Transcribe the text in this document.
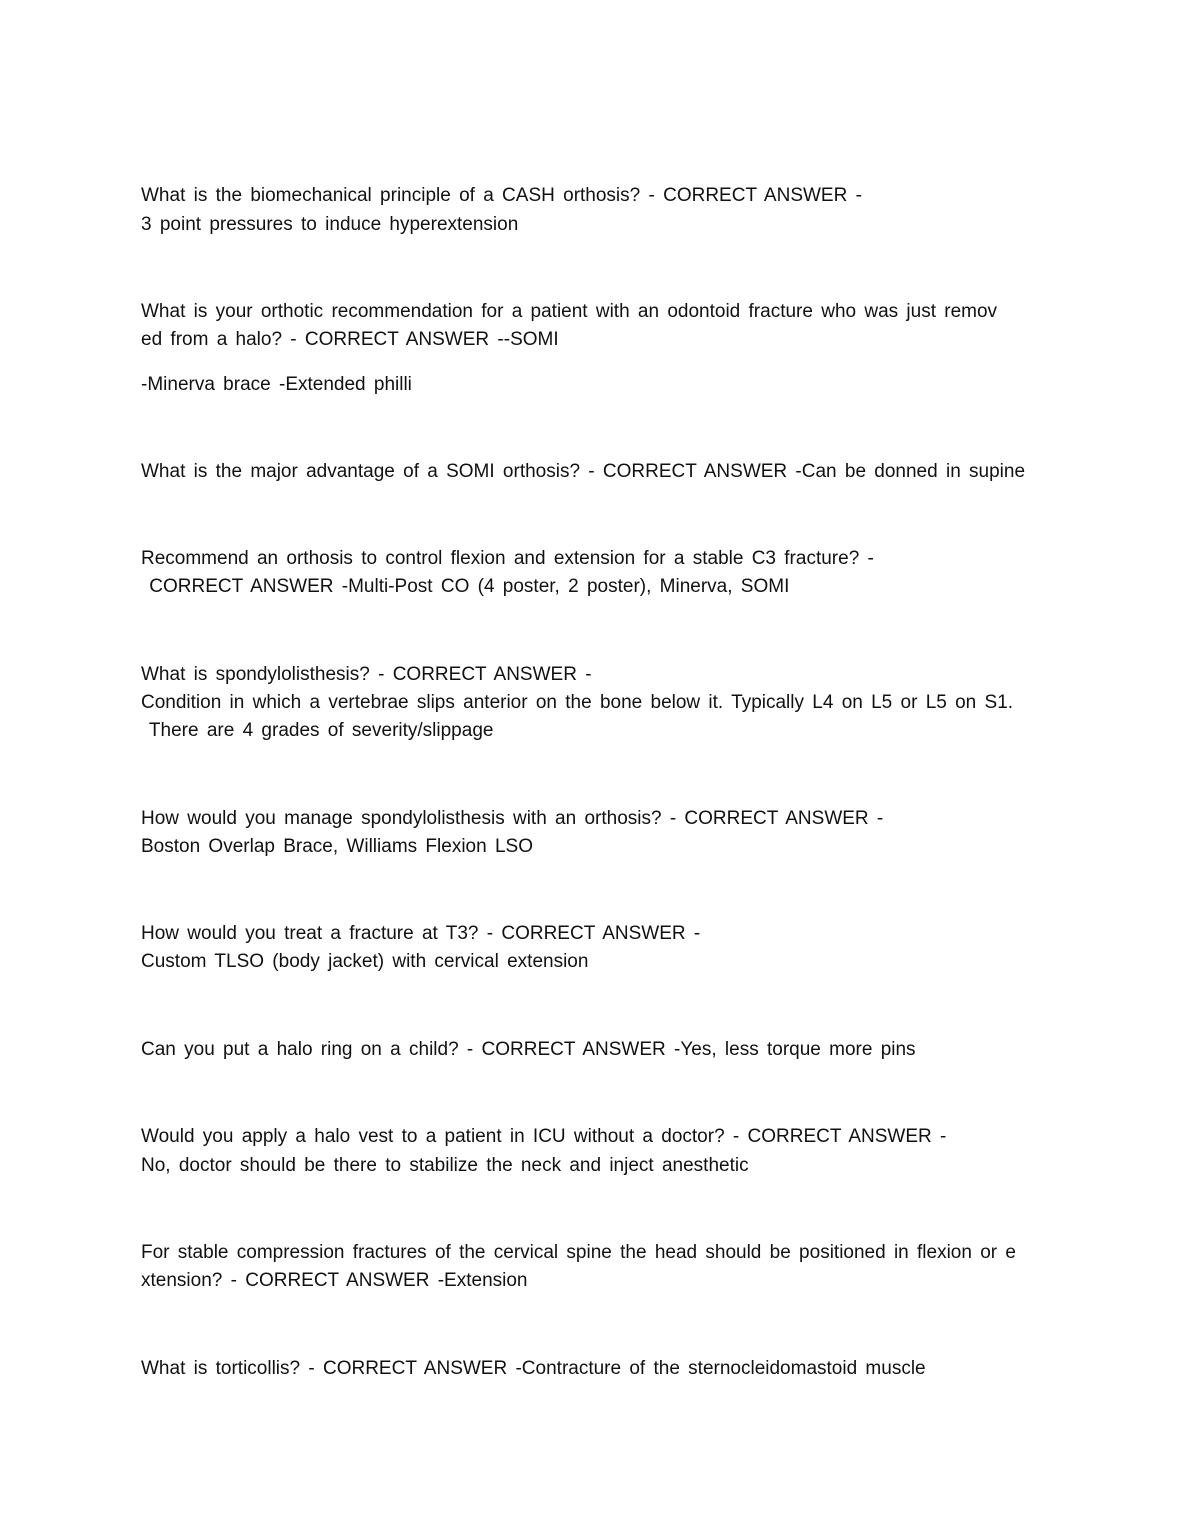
What is the biomechanical principle of a CASH orthosis? - CORRECT ANSWER -

3 point pressures to induce hyperextension

What is your orthotic recommendation for a patient with an odontoid fracture who was just remov

ed from a halo? - CORRECT ANSWER --SOMI

-Minerva brace -Extended philli

What is the major advantage of a SOMI orthosis? - CORRECT ANSWER -Can be donned in supine

Recommend an orthosis to control flexion and extension for a stable C3 fracture? -

CORRECT ANSWER -Multi-Post CO (4 poster, 2 poster), Minerva, SOMI

What is spondylolisthesis? - CORRECT ANSWER -

Condition in which a vertebrae slips anterior on the bone below it. Typically L4 on L5 or L5 on S1.

There are 4 grades of severity/slippage

How would you manage spondylolisthesis with an orthosis? - CORRECT ANSWER -

Boston Overlap Brace, Williams Flexion LSO

How would you treat a fracture at T3? - CORRECT ANSWER -

Custom TLSO (body jacket) with cervical extension

Can you put a halo ring on a child? - CORRECT ANSWER -Yes, less torque more pins

Would you apply a halo vest to a patient in ICU without a doctor? - CORRECT ANSWER -

No, doctor should be there to stabilize the neck and inject anesthetic

For stable compression fractures of the cervical spine the head should be positioned in flexion or e

xtension? - CORRECT ANSWER -Extension

What is torticollis? - CORRECT ANSWER -Contracture of the sternocleidomastoid muscle
